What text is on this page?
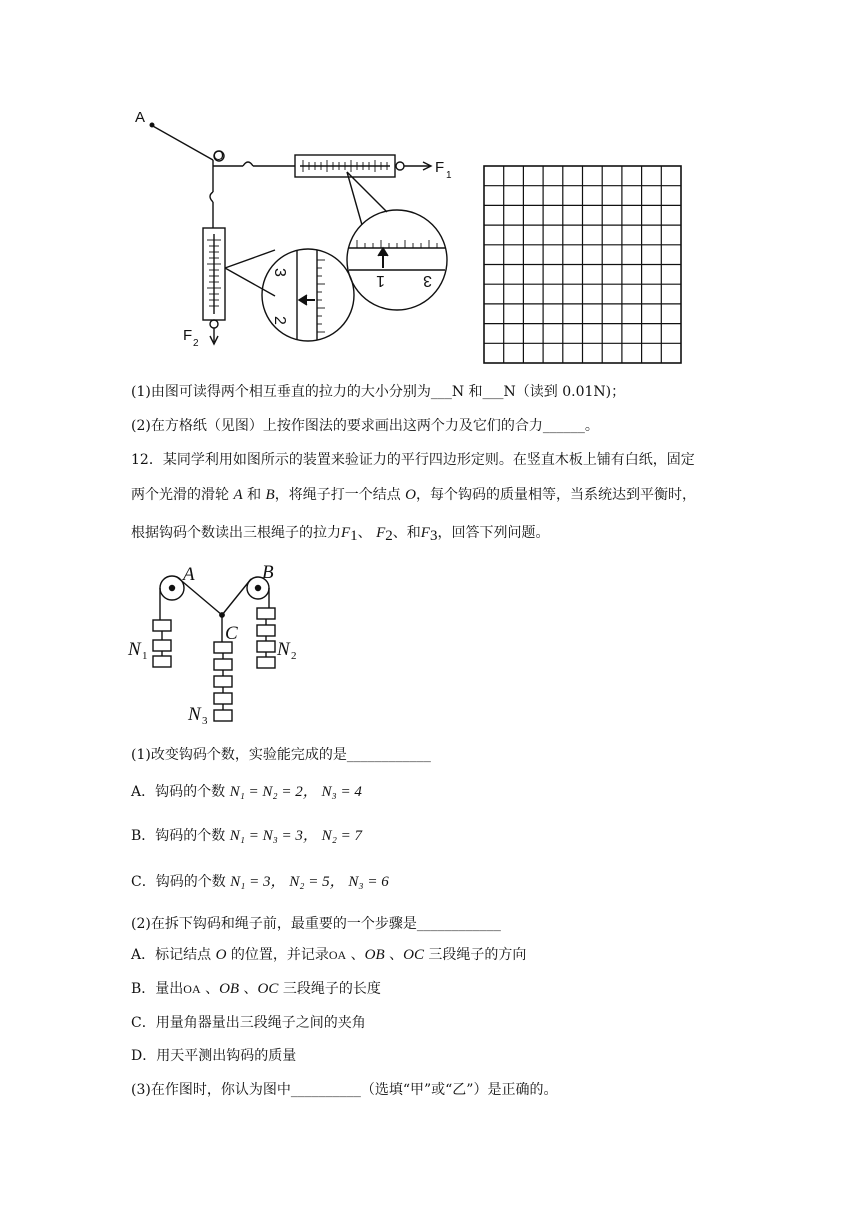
A
O
F 1
F 2
1 3
3
2
(1)由图可读得两个相互垂直的拉力的大小分别为___N 和___N（读到 0.01N)；
(2)在方格纸（见图）上按作图法的要求画出这两个力及它们的合力______。
12．某同学利用如图所示的装置来验证力的平行四边形定则。在竖直木板上铺有白纸，固定
两个光滑的滑轮 A 和 B，将绳子打一个结点 O，每个钩码的质量相等，当系统达到平衡时，
根据钩码个数读出三根绳子的拉力$F_1$、 $F_2$、和$F_3$，回答下列问题。
A	B
C
N 1	N 2
N 3
(1)改变钩码个数，实验能完成的是____________
A．钩码的个数 N₁ = N₂ = 2， N₃ = 4
B．钩码的个数 N₁ = N₃ = 3， N₂ = 7
C．钩码的个数 N₁ = 3， N₂ = 5， N₃ = 6
(2)在拆下钩码和绳子前，最重要的一个步骤是____________
A．标记结点 O 的位置，并记录OA 、OB 、OC 三段绳子的方向
B．量出OA 、OB 、OC 三段绳子的长度
C．用量角器量出三段绳子之间的夹角
D．用天平测出钩码的质量
(3)在作图时，你认为图中__________（选填“甲”或“乙”）是正确的。
